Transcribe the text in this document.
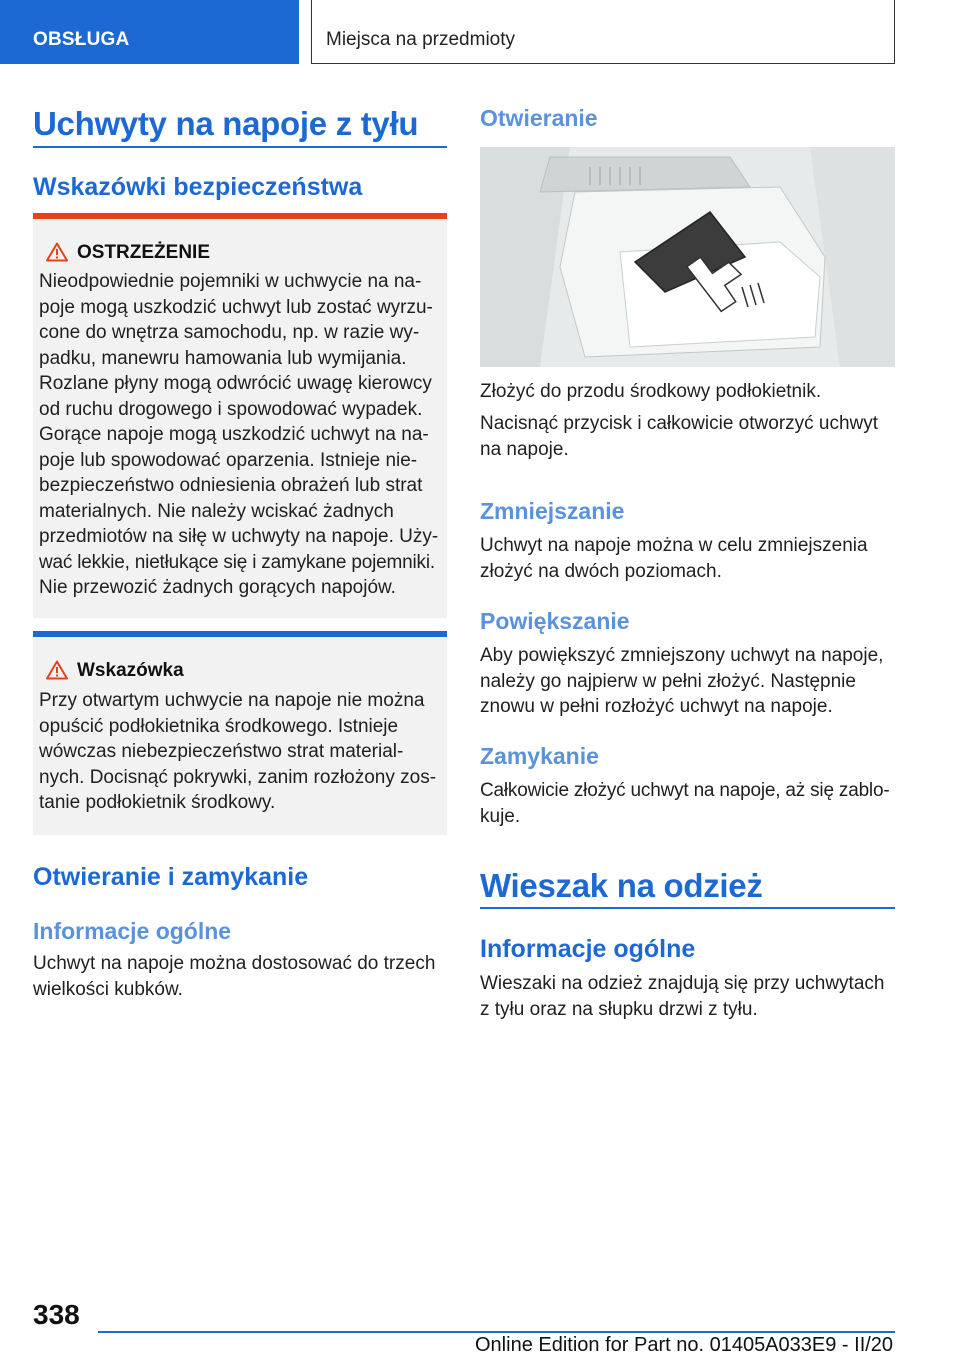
OBSŁUGA	Miejsca na przedmioty
Uchwyty na napoje z tyłu
Wskazówki bezpieczeństwa
OSTRZEŻENIE
Nieodpowiednie pojemniki w uchwycie na na-
poje mogą uszkodzić uchwyt lub zostać wyrzu-
cone do wnętrza samochodu, np. w razie wy-
padku, manewru hamowania lub wymijania.
Rozlane płyny mogą odwrócić uwagę kierowcy
od ruchu drogowego i spowodować wypadek.
Gorące napoje mogą uszkodzić uchwyt na na-
poje lub spowodować oparzenia. Istnieje nie-
bezpieczeństwo odniesienia obrażeń lub strat
materialnych. Nie należy wciskać żadnych
przedmiotów na siłę w uchwyty na napoje. Uży-
wać lekkie, nietłukące się i zamykane pojemniki.
Nie przewozić żadnych gorących napojów.
Wskazówka
Przy otwartym uchwycie na napoje nie można
opuścić podłokietnika środkowego. Istnieje
wówczas niebezpieczeństwo strat material-
nych. Docisnąć pokrywki, zanim rozłożony zos-
tanie podłokietnik środkowy.
Otwieranie i zamykanie
Informacje ogólne
Uchwyt na napoje można dostosować do trzech
wielkości kubków.
Otwieranie
Złożyć do przodu środkowy podłokietnik.
Nacisnąć przycisk i całkowicie otworzyć uchwyt
na napoje.
Zmniejszanie
Uchwyt na napoje można w celu zmniejszenia
złożyć na dwóch poziomach.
Powiększanie
Aby powiększyć zmniejszony uchwyt na napoje,
należy go najpierw w pełni złożyć. Następnie
znowu w pełni rozłożyć uchwyt na napoje.
Zamykanie
Całkowicie złożyć uchwyt na napoje, aż się zablo-
kuje.
Wieszak na odzież
Informacje ogólne
Wieszaki na odzież znajdują się przy uchwytach
z tyłu oraz na słupku drzwi z tyłu.
338
Online Edition for Part no. 01405A033E9 - II/20
